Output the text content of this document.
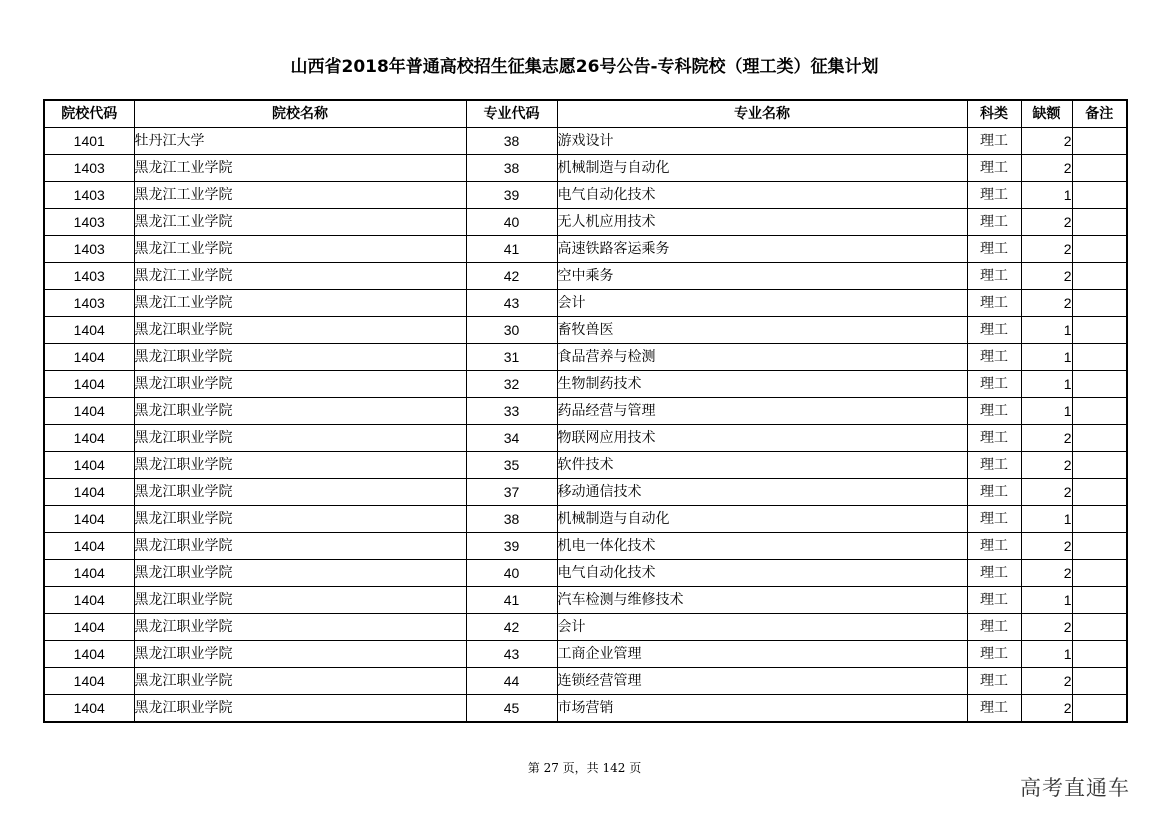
山西省2018年普通高校招生征集志愿26号公告-专科院校（理工类）征集计划
院校代码	院校名称	专业代码	专业名称	科类	缺额	备注
1401	牡丹江大学	38	游戏设计	理工	2	
1403	黑龙江工业学院	38	机械制造与自动化	理工	2	
1403	黑龙江工业学院	39	电气自动化技术	理工	1	
1403	黑龙江工业学院	40	无人机应用技术	理工	2	
1403	黑龙江工业学院	41	高速铁路客运乘务	理工	2	
1403	黑龙江工业学院	42	空中乘务	理工	2	
1403	黑龙江工业学院	43	会计	理工	2	
1404	黑龙江职业学院	30	畜牧兽医	理工	1	
1404	黑龙江职业学院	31	食品营养与检测	理工	1	
1404	黑龙江职业学院	32	生物制药技术	理工	1	
1404	黑龙江职业学院	33	药品经营与管理	理工	1	
1404	黑龙江职业学院	34	物联网应用技术	理工	2	
1404	黑龙江职业学院	35	软件技术	理工	2	
1404	黑龙江职业学院	37	移动通信技术	理工	2	
1404	黑龙江职业学院	38	机械制造与自动化	理工	1	
1404	黑龙江职业学院	39	机电一体化技术	理工	2	
1404	黑龙江职业学院	40	电气自动化技术	理工	2	
1404	黑龙江职业学院	41	汽车检测与维修技术	理工	1	
1404	黑龙江职业学院	42	会计	理工	2	
1404	黑龙江职业学院	43	工商企业管理	理工	1	
1404	黑龙江职业学院	44	连锁经营管理	理工	2	
1404	黑龙江职业学院	45	市场营销	理工	2	
第 27 页，共 142 页
高考直通车
